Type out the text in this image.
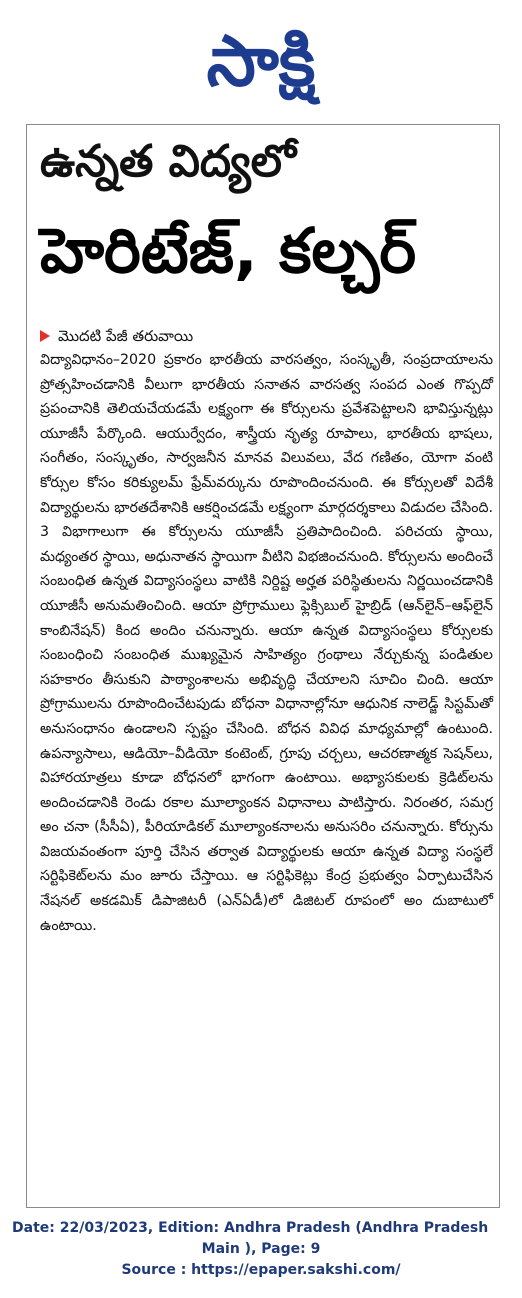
సాక్షి
ఉన్నత విద్యలో
హెరిటేజ్, కల్చర్
మొదటి పేజీ తరువాయి

విద్యావిధానం–2020 ప్రకారం భారతీయ వారసత్వం, సంస్కృతీ, సంప్రదాయాలను ప్రోత్సహించడానికి వీలుగా భారతీయ సనాతన వారసత్వ సంపద ఎంత గొప్పదో ప్రపంచానికి తెలియచేయడమే లక్ష్యంగా ఈ కోర్సులను ప్రవేశపెట్టాలని భావిస్తున్నట్లు యూజీసీ పేర్కొంది. ఆయుర్వేదం, శాస్త్రీయ నృత్య రూపాలు, భారతీయ భాషలు, సంగీతం, సంస్కృతం, సార్వజనీన మానవ విలువలు, వేద గణితం, యోగా వంటి కోర్సుల కోసం కరిక్యులమ్ ఫ్రేమ్‌వర్కును రూపొందించనుంది. ఈ కోర్సులతో విదేశీ విద్యార్థులను భారతదేశానికి ఆకర్షించడమే లక్ష్యంగా మార్గదర్శకాలు విడుదల చేసింది. 3 విభాగాలుగా ఈ కోర్సులను యూజీసీ ప్రతిపాదించింది. పరిచయ స్థాయి, మధ్యంతర స్థాయి, అధునాతన స్థాయిగా వీటిని విభజించనుంది. కోర్సులను అందించే సంబంధిత ఉన్నత విద్యాసంస్థలు వాటికి నిర్దిష్ట అర్హత పరిస్థితులను నిర్ణయించడానికి యూజీసీ అనుమతించింది. ఆయా ప్రోగ్రాములు ఫ్లెక్సిబుల్ హైబ్రిడ్ (ఆన్‌లైన్–ఆఫ్‌లైన్ కాంబినేషన్) కింద అందిం చనున్నారు. ఆయా ఉన్నత విద్యాసంస్థలు కోర్సులకు సంబంధించి సంబంధిత ముఖ్యమైన సాహిత్యం గ్రంథాలు నేర్చుకున్న పండితుల సహకారం తీసుకుని పాఠ్యాంశాలను అభివృద్ధి చేయాలని సూచిం చింది. ఆయా ప్రోగ్రాములను రూపొందించేటపుడు బోధనా విధానాల్లోనూ ఆధునిక నాలెడ్జ్ సిస్టమ్‌తో అనుసంధానం ఉండాలని స్పష్టం చేసింది. బోధన వివిధ మాధ్యమాల్లో ఉంటుంది. ఉపన్యాసాలు, ఆడియో–వీడియో కంటెంట్, గ్రూపు చర్చలు, ఆచరణాత్మక సెషన్‌లు, విహారయాత్రలు కూడా బోధనలో భాగంగా ఉంటాయి. అభ్యాసకులకు క్రెడిట్‌లను అందించడానికి రెండు రకాల మూల్యాంకన విధానాలు పాటిస్తారు. నిరంతర, సమగ్ర అం చనా (సీసీఏ), పీరియాడికల్ మూల్యాంకనాలను అనుసరిం చనున్నారు. కోర్సును విజయవంతంగా పూర్తి చేసిన తర్వాత విద్యార్థులకు ఆయా ఉన్నత విద్యా సంస్థలే సర్టిఫికెట్‌లను మం జూరు చేస్తాయి. ఆ సర్టిఫికెట్లు కేంద్ర ప్రభుత్వం ఏర్పాటుచేసిన నేషనల్ అకడమిక్ డిపాజిటరీ (ఎన్‌ఏడీ)లో డిజిటల్ రూపంలో అం దుబాటులో ఉంటాయి.

Date: 22/03/2023, Edition: Andhra Pradesh (Andhra Pradesh
Main ), Page: 9
Source : https://epaper.sakshi.com/
